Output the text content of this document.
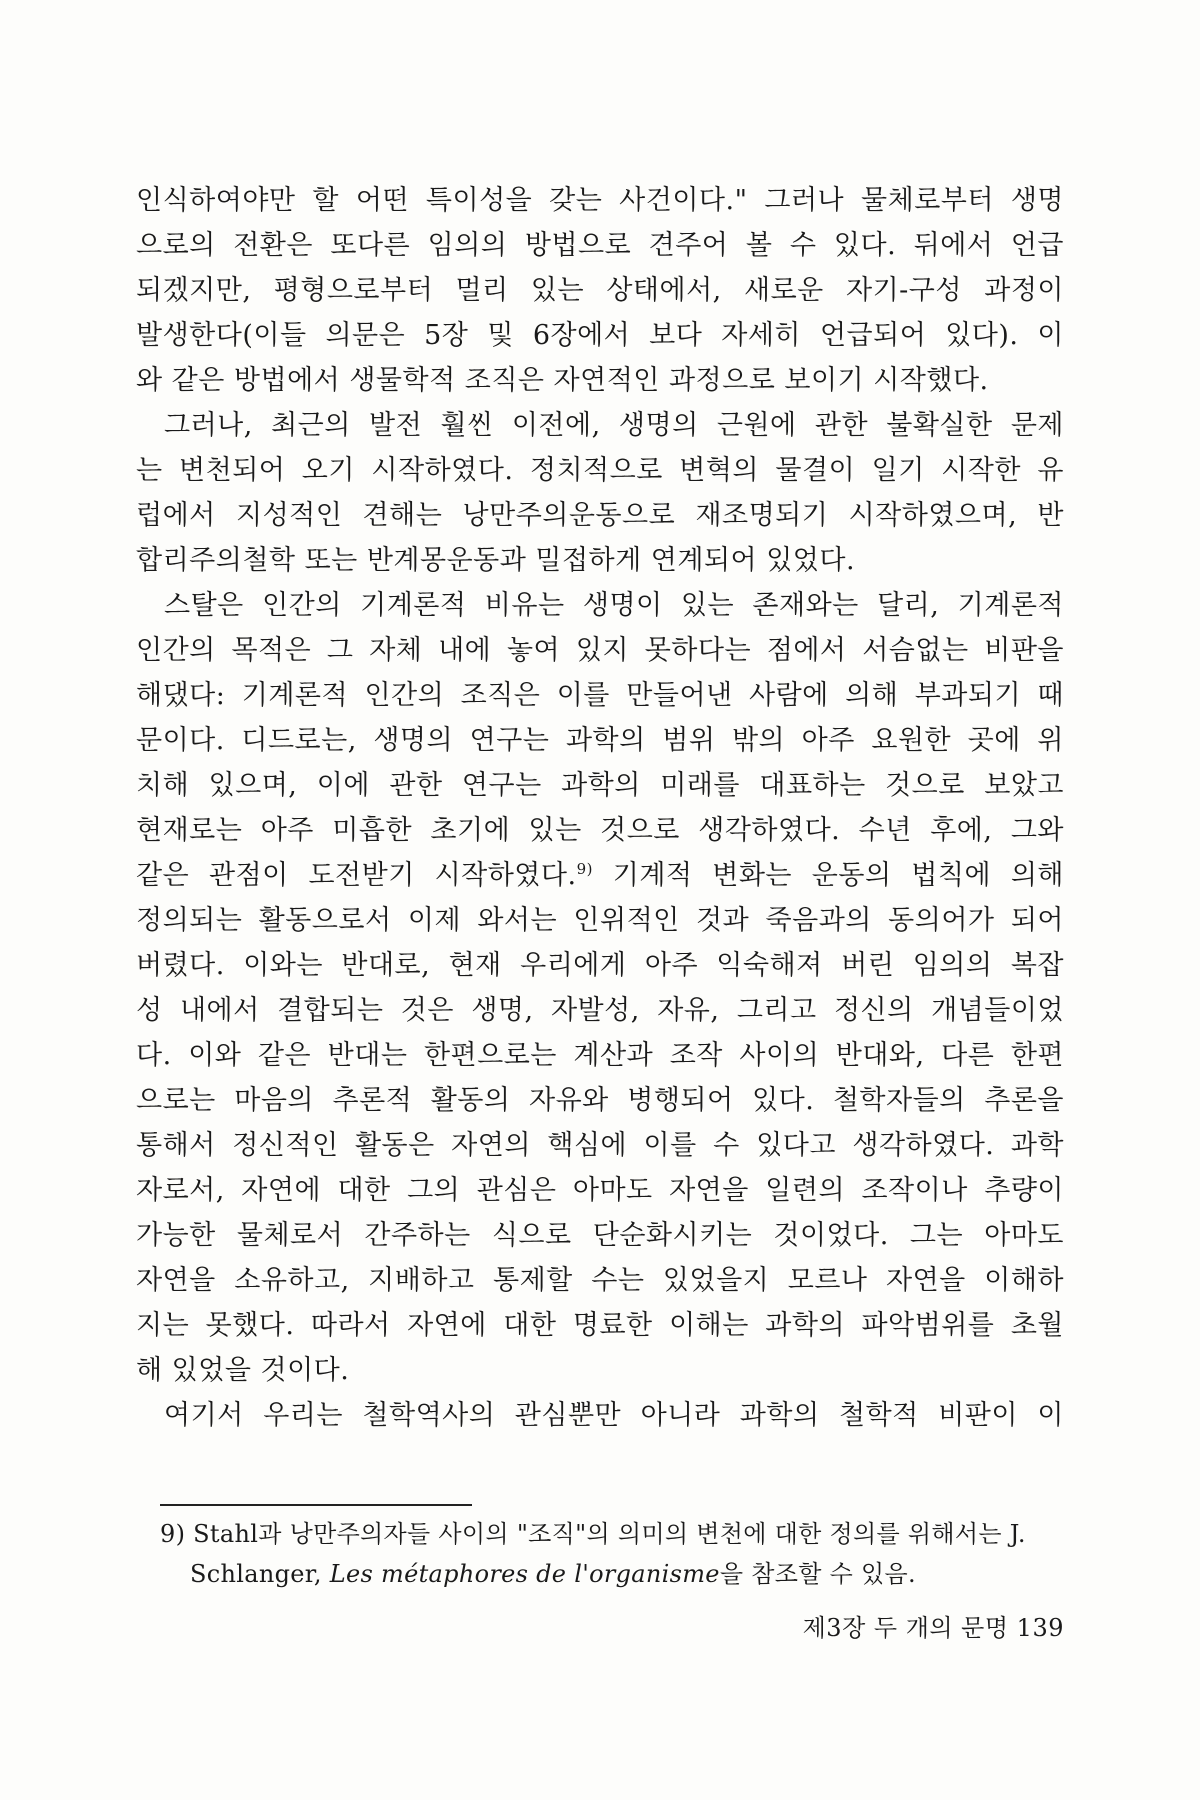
인식하여야만 할 어떤 특이성을 갖는 사건이다." 그러나 물체로부터 생명
으로의 전환은 또다른 임의의 방법으로 견주어 볼 수 있다. 뒤에서 언급
되겠지만, 평형으로부터 멀리 있는 상태에서, 새로운 자기-구성 과정이
발생한다(이들 의문은 5장 및 6장에서 보다 자세히 언급되어 있다). 이
와 같은 방법에서 생물학적 조직은 자연적인 과정으로 보이기 시작했다.
그러나, 최근의 발전 훨씬 이전에, 생명의 근원에 관한 불확실한 문제
는 변천되어 오기 시작하였다. 정치적으로 변혁의 물결이 일기 시작한 유
럽에서 지성적인 견해는 낭만주의운동으로 재조명되기 시작하였으며, 반
합리주의철학 또는 반계몽운동과 밀접하게 연계되어 있었다.
스탈은 인간의 기계론적 비유는 생명이 있는 존재와는 달리, 기계론적
인간의 목적은 그 자체 내에 놓여 있지 못하다는 점에서 서슴없는 비판을
해댔다: 기계론적 인간의 조직은 이를 만들어낸 사람에 의해 부과되기 때
문이다. 디드로는, 생명의 연구는 과학의 범위 밖의 아주 요원한 곳에 위
치해 있으며, 이에 관한 연구는 과학의 미래를 대표하는 것으로 보았고
현재로는 아주 미흡한 초기에 있는 것으로 생각하였다. 수년 후에, 그와
같은 관점이 도전받기 시작하였다.$^{9)}$ 기계적 변화는 운동의 법칙에 의해
정의되는 활동으로서 이제 와서는 인위적인 것과 죽음과의 동의어가 되어
버렸다. 이와는 반대로, 현재 우리에게 아주 익숙해져 버린 임의의 복잡
성 내에서 결합되는 것은 생명, 자발성, 자유, 그리고 정신의 개념들이었
다. 이와 같은 반대는 한편으로는 계산과 조작 사이의 반대와, 다른 한편
으로는 마음의 추론적 활동의 자유와 병행되어 있다. 철학자들의 추론을
통해서 정신적인 활동은 자연의 핵심에 이를 수 있다고 생각하였다. 과학
자로서, 자연에 대한 그의 관심은 아마도 자연을 일련의 조작이나 추량이
가능한 물체로서 간주하는 식으로 단순화시키는 것이었다. 그는 아마도
자연을 소유하고, 지배하고 통제할 수는 있었을지 모르나 자연을 이해하
지는 못했다. 따라서 자연에 대한 명료한 이해는 과학의 파악범위를 초월
해 있었을 것이다.
여기서 우리는 철학역사의 관심뿐만 아니라 과학의 철학적 비판이 이
9) Stahl과 낭만주의자들 사이의 "조직"의 의미의 변천에 대한 정의를 위해서는 J.
Schlanger, Les métaphores de l'organisme을 참조할 수 있음.
제3장 두 개의 문명 139
